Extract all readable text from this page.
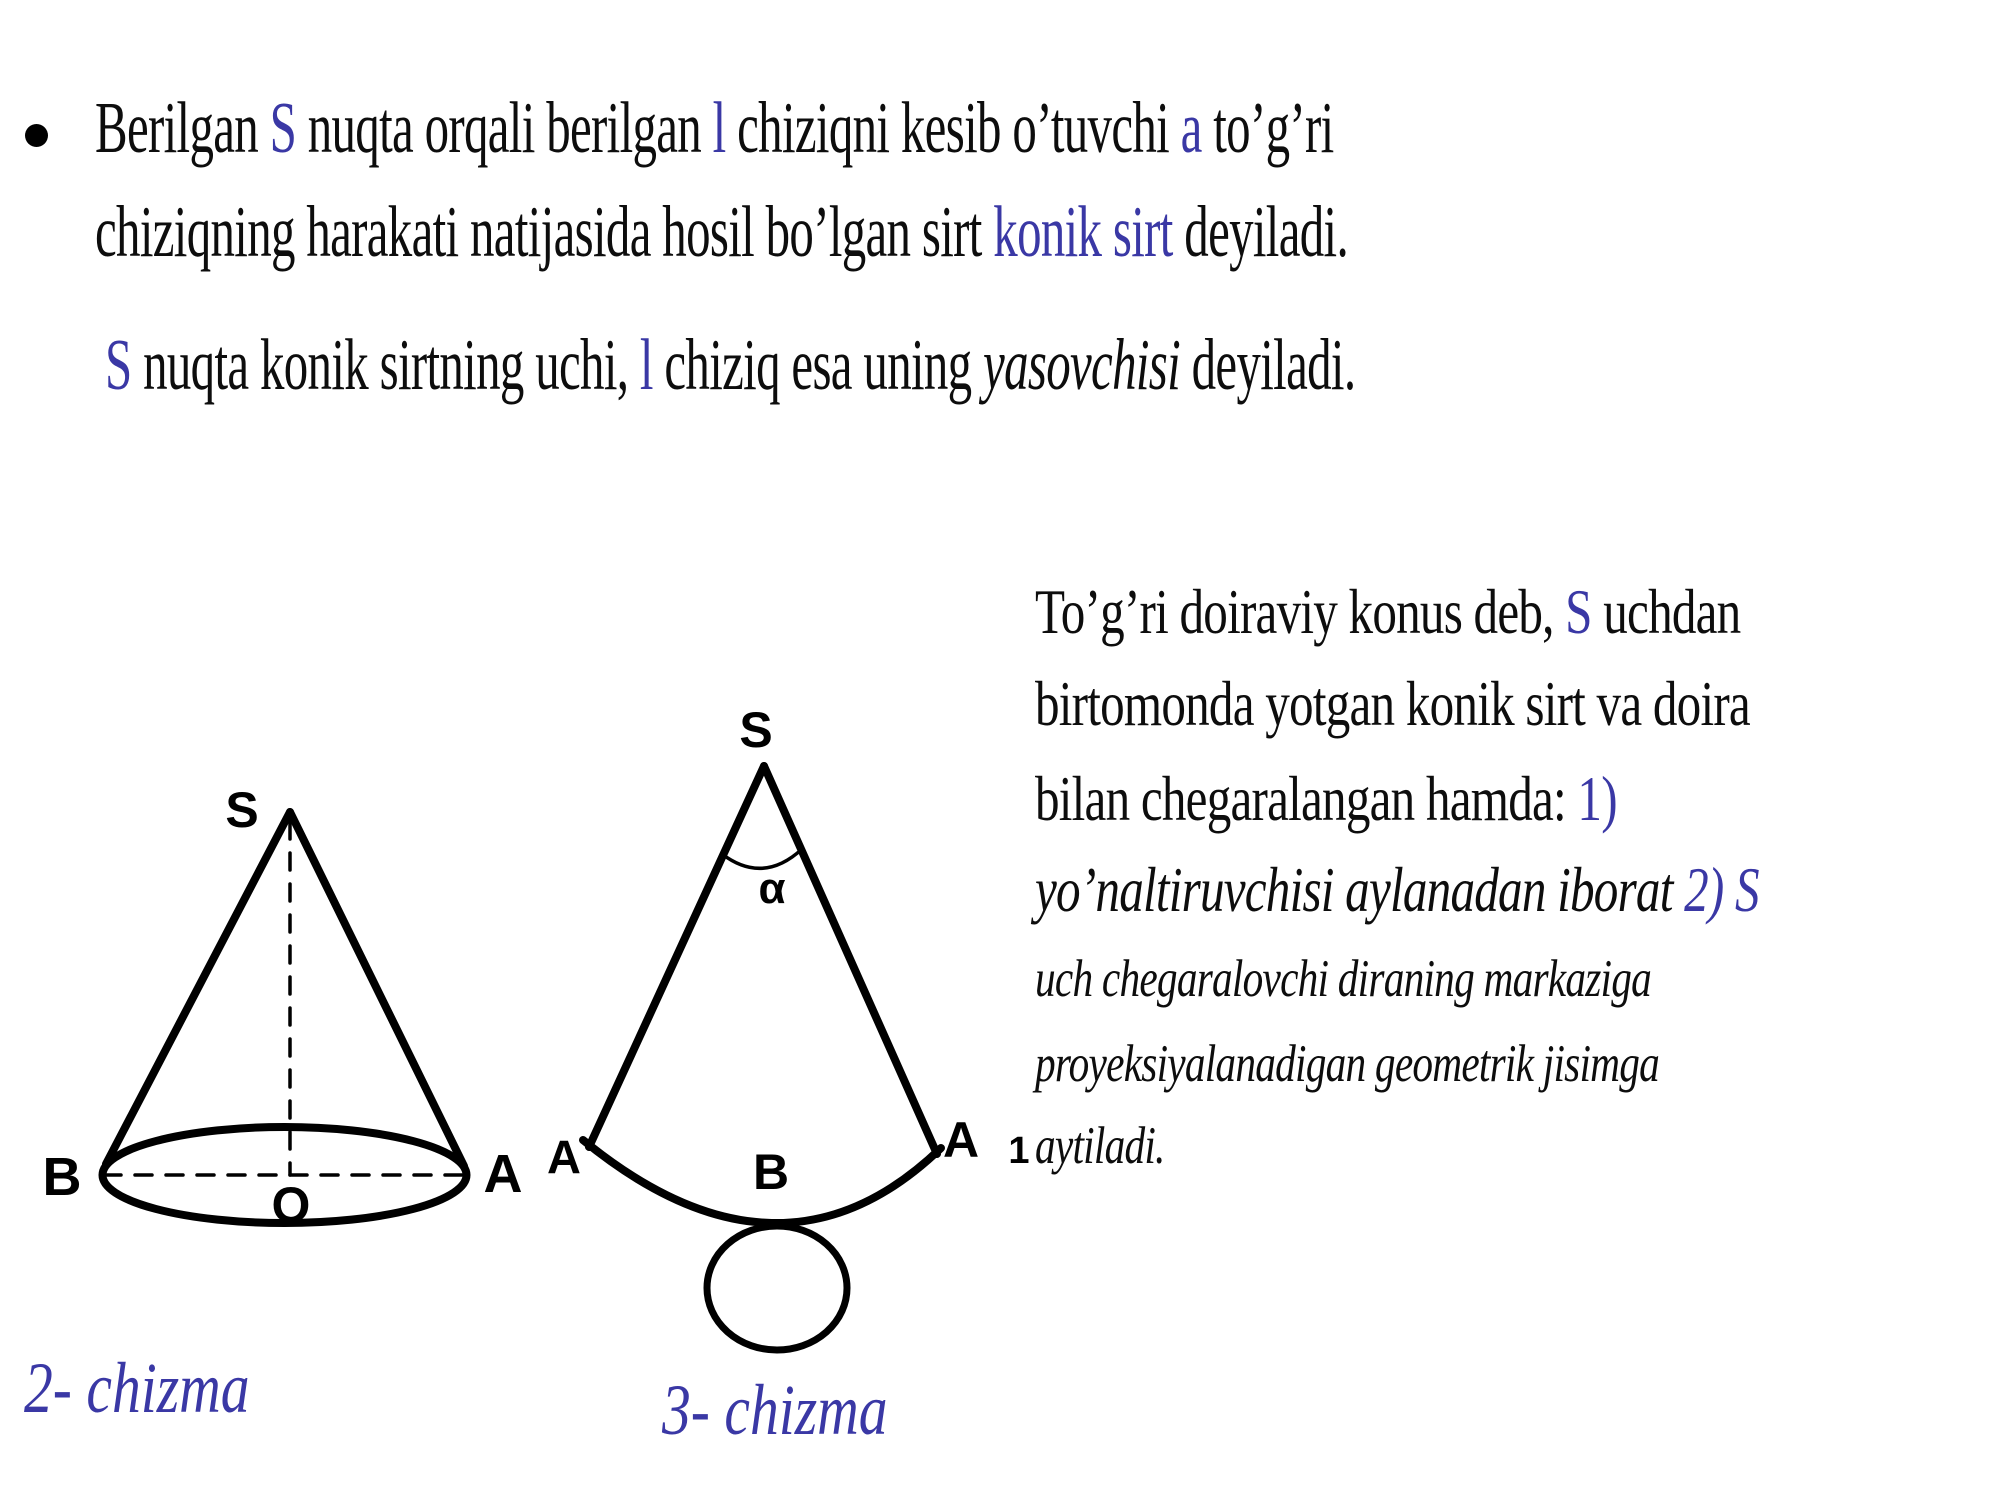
Berilgan S nuqta orqali berilgan l chiziqni kesib o’tuvchi a to’g’ri
chiziqning harakati natijasida hosil bo’lgan sirt konik sirt deyiladi.
S nuqta konik sirtning uchi, l chiziq esa uning yasovchisi deyiladi.
To’g’ri doiraviy konus deb, S uchdan
birtomonda yotgan konik sirt va doira
bilan chegaralangan hamda: 1)
yo’naltiruvchisi aylanadan iborat 2) S
uch chegaralovchi diraning markaziga
proyeksiyalanadigan geometrik jisimga
aytiladi.
S
B	A
O
S
α
A	A 1
B
2- chizma	3- chizma
